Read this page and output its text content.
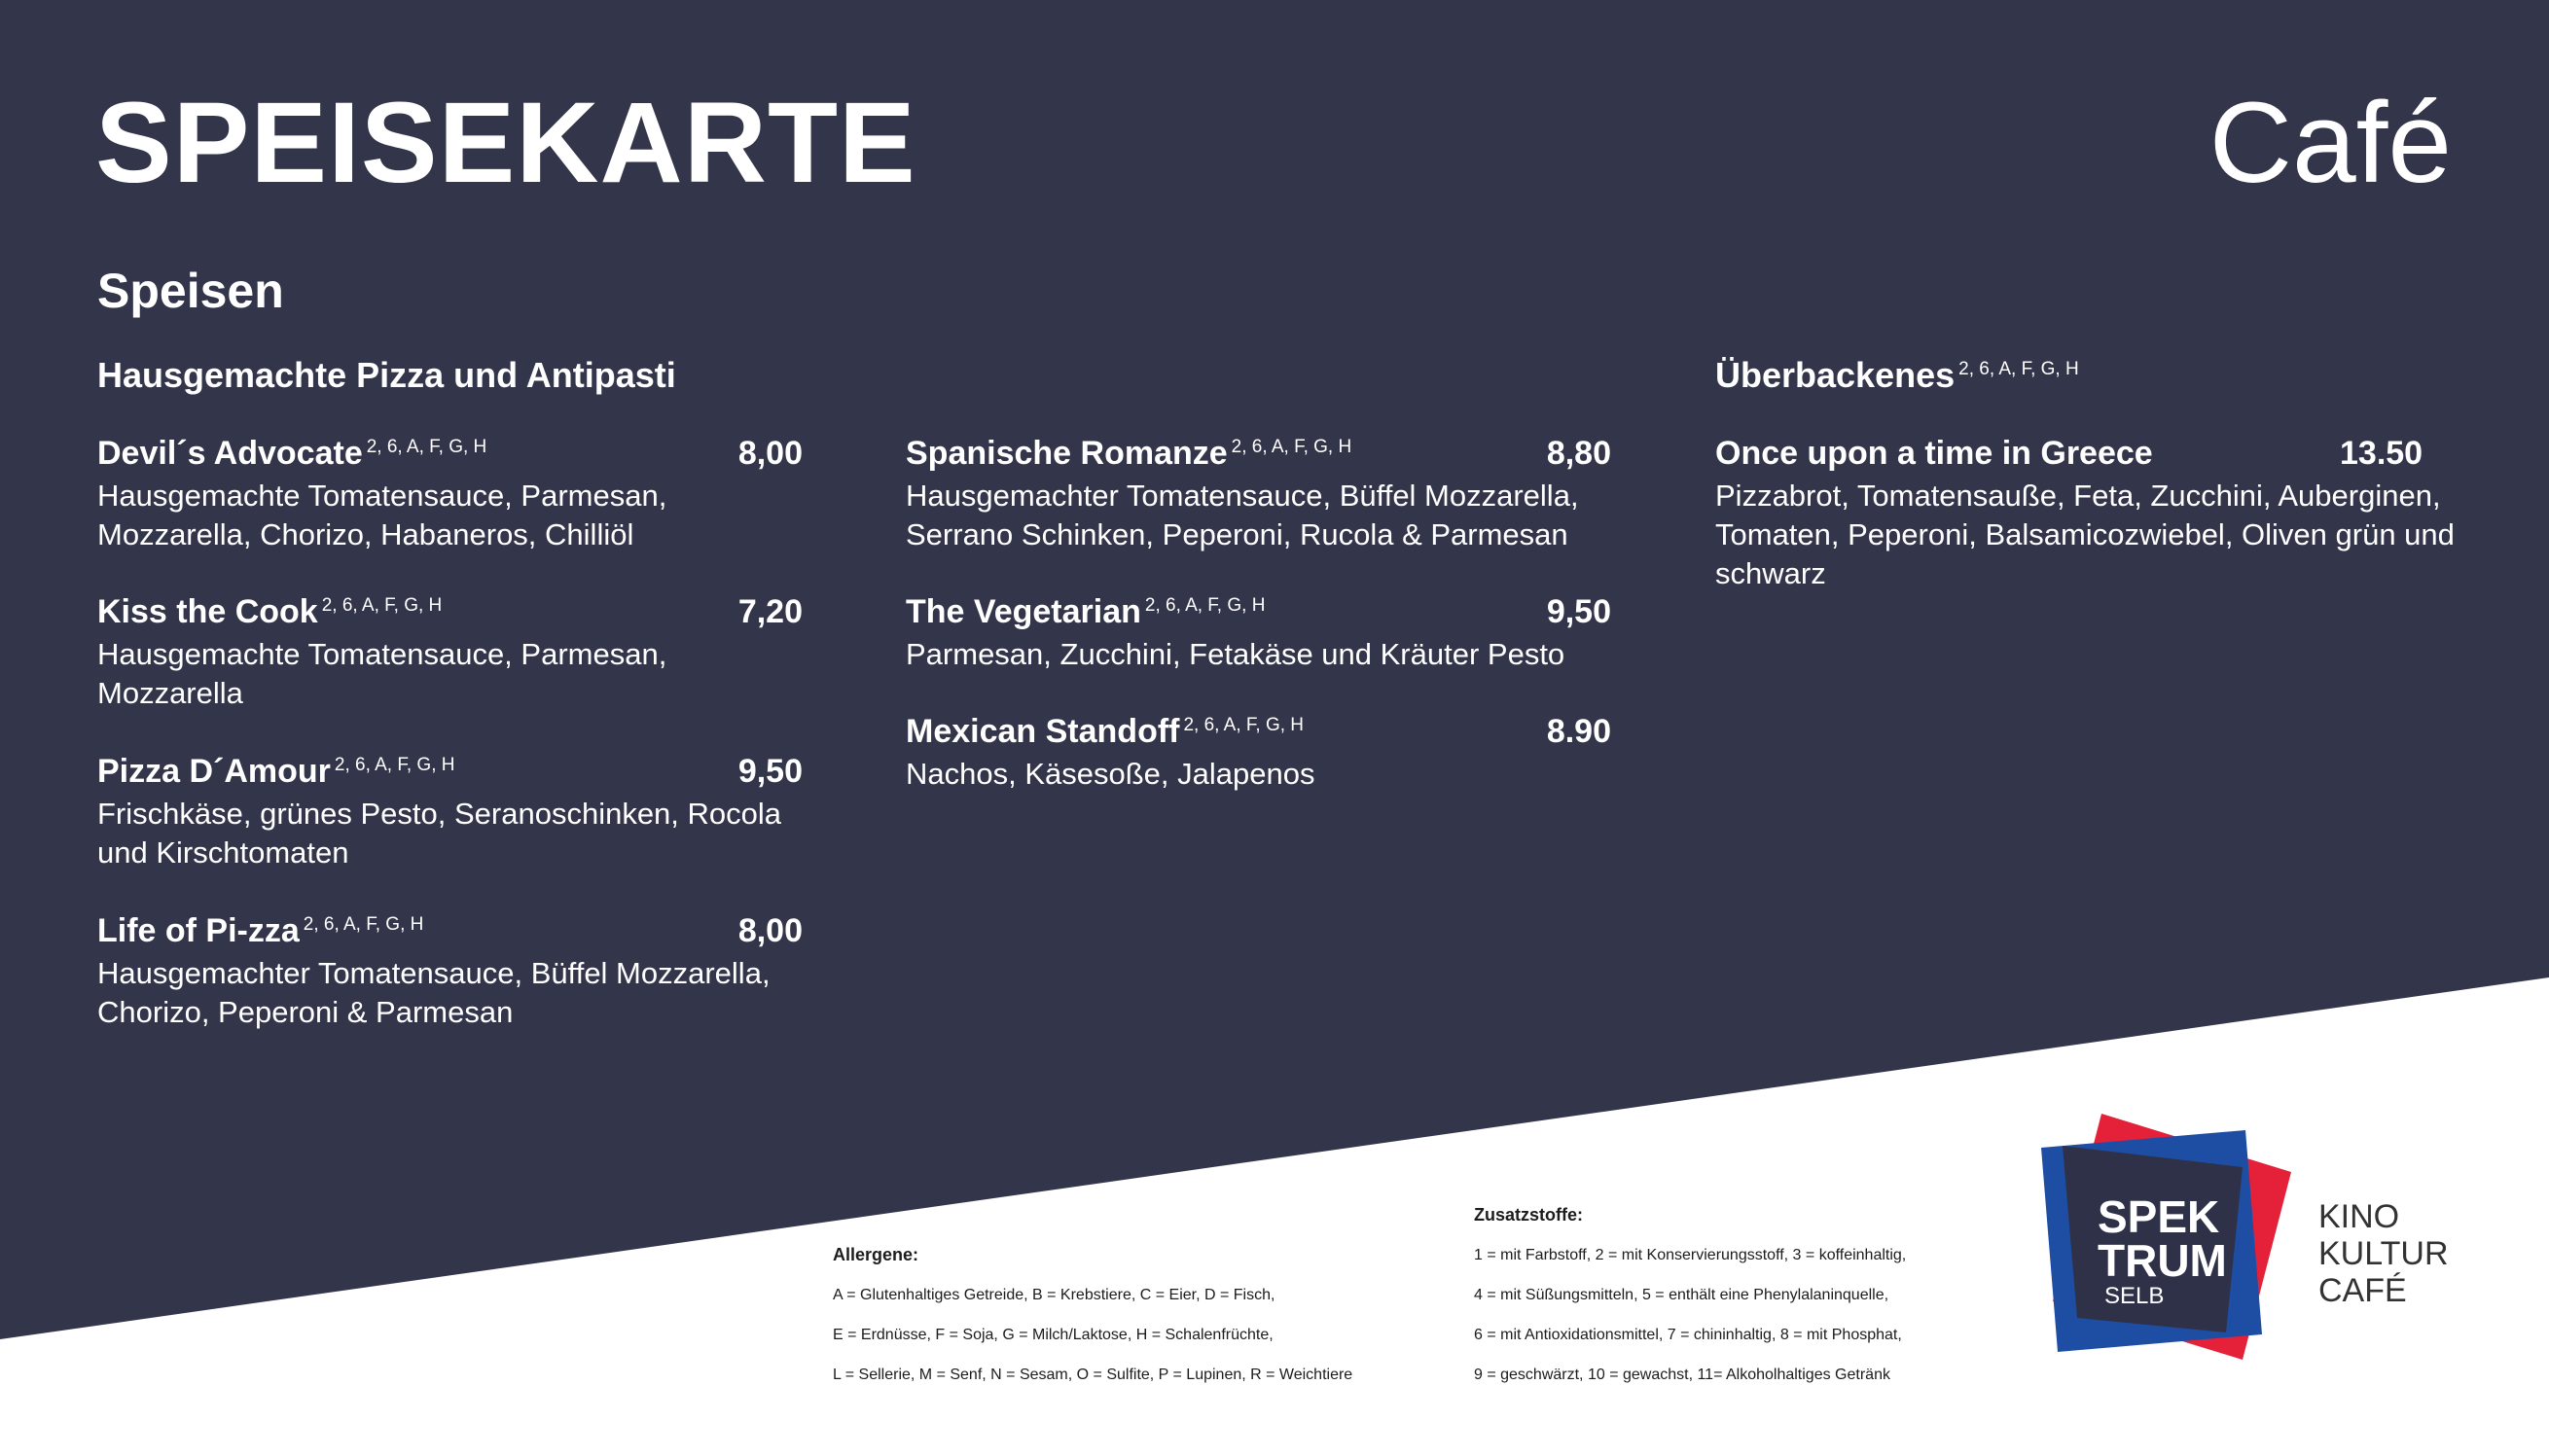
SPEISEKARTE	Café
Speisen
Hausgemachte Pizza und Antipasti
Devil´s Advocate $^{2, 6, A, F, G, H}$	8,00
Hausgemachte Tomatensauce, Parmesan, Mozzarella, Chorizo, Habaneros, Chilliöl
Kiss the Cook $^{2, 6, A, F, G, H}$	7,20
Hausgemachte Tomatensauce, Parmesan, Mozzarella
Pizza D´Amour $^{2, 6, A, F, G, H}$	9,50
Frischkäse, grünes Pesto, Seranoschinken, Rocola und Kirschtomaten
Life of Pi-zza $^{2, 6, A, F, G, H}$	8,00
Hausgemachter Tomatensauce, Büffel Mozzarella, Chorizo, Peperoni & Parmesan
Spanische Romanze $^{2, 6, A, F, G, H}$	8,80
Hausgemachter Tomatensauce, Büffel Mozzarella, Serrano Schinken, Peperoni, Rucola & Parmesan
The Vegetarian $^{2, 6, A, F, G, H}$	9,50
Parmesan, Zucchini, Fetakäse und Kräuter Pesto
Mexican Standoff $^{2, 6, A, F, G, H}$	8.90
Nachos, Käsesoße, Jalapenos
Überbackenes $^{2, 6, A, F, G, H}$
Once upon a time in Greece	13.50
Pizzabrot, Tomatensauße, Feta, Zucchini, Auberginen, Tomaten, Peperoni, Balsamicozwiebel, Oliven grün und schwarz
Allergene:
A = Glutenhaltiges Getreide, B = Krebstiere, C = Eier, D = Fisch,
E = Erdnüsse, F = Soja, G = Milch/Laktose, H = Schalenfrüchte,
L = Sellerie, M = Senf, N = Sesam, O = Sulfite, P = Lupinen, R = Weichtiere
Zusatzstoffe:
1 = mit Farbstoff, 2 = mit Konservierungsstoff, 3 = koffeinhaltig,
4 = mit Süßungsmitteln, 5 = enthält eine Phenylalaninquelle,
6 = mit Antioxidationsmittel, 7 = chininhaltig, 8 = mit Phosphat,
9 = geschwärzt, 10 = gewachst, 11= Alkoholhaltiges Getränk
SPEK
TRUM
SELB
KINO
KULTUR
CAFÉ
